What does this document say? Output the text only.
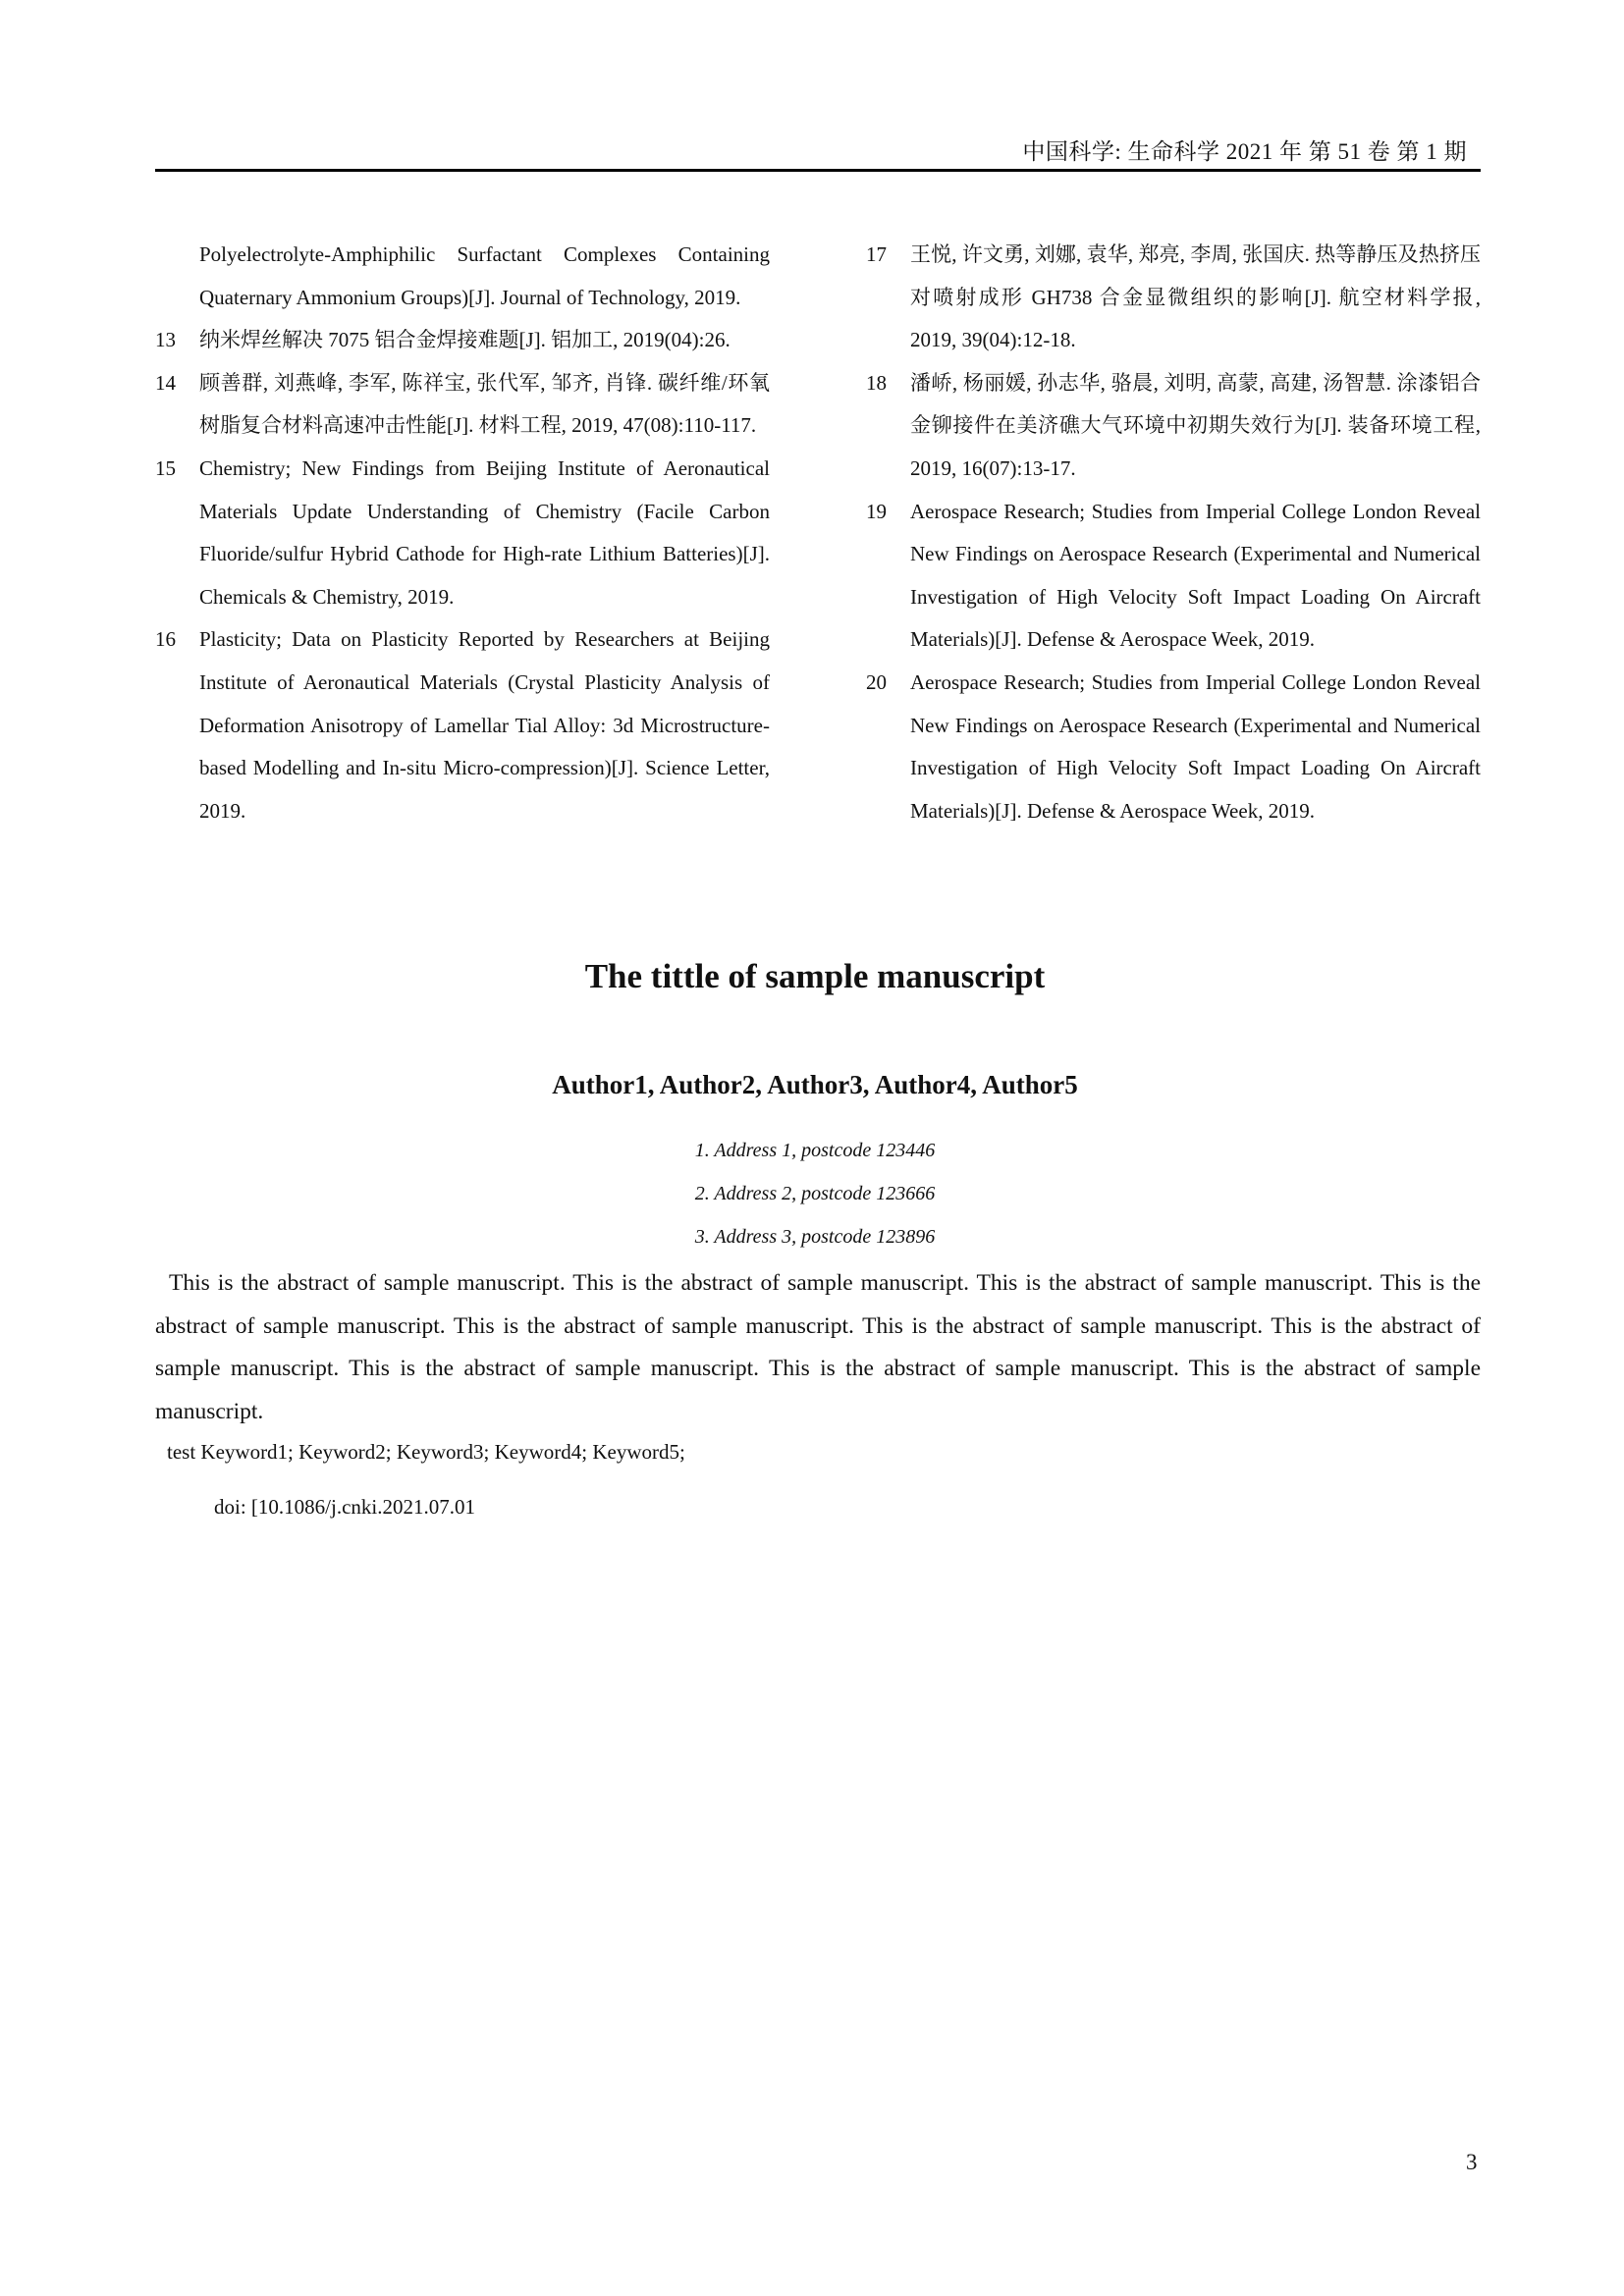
中国科学: 生命科学 2021 年 第 51 卷 第 1 期
Polyelectrolyte-Amphiphilic Surfactant Complexes Containing Quaternary Ammonium Groups)[J]. Journal of Technology, 2019.
13	纳米焊丝解决 7075 铝合金焊接难题[J]. 铝加工, 2019(04):26.
14	顾善群, 刘燕峰, 李军, 陈祥宝, 张代军, 邹齐, 肖锋. 碳纤维/环氧树脂复合材料高速冲击性能[J]. 材料工程, 2019, 47(08):110-117.
15	Chemistry; New Findings from Beijing Institute of Aeronautical Materials Update Understanding of Chemistry (Facile Carbon Fluoride/sulfur Hybrid Cathode for High-rate Lithium Batteries)[J]. Chemicals & Chemistry, 2019.
16	Plasticity; Data on Plasticity Reported by Researchers at Beijing Institute of Aeronautical Materials (Crystal Plasticity Analysis of Deformation Anisotropy of Lamellar Tial Alloy: 3d Microstructure-based Modelling and In-situ Micro-compression)[J]. Science Letter, 2019.
17	王悦, 许文勇, 刘娜, 袁华, 郑亮, 李周, 张国庆. 热等静压及热挤压对喷射成形 GH738 合金显微组织的影响[J]. 航空材料学报, 2019, 39(04):12-18.
18	潘峤, 杨丽媛, 孙志华, 骆晨, 刘明, 高蒙, 高建, 汤智慧. 涂漆铝合金铆接件在美济礁大气环境中初期失效行为[J]. 装备环境工程, 2019, 16(07):13-17.
19	Aerospace Research; Studies from Imperial College London Reveal New Findings on Aerospace Research (Experimental and Numerical Investigation of High Velocity Soft Impact Loading On Aircraft Materials)[J]. Defense & Aerospace Week, 2019.
20	Aerospace Research; Studies from Imperial College London Reveal New Findings on Aerospace Research (Experimental and Numerical Investigation of High Velocity Soft Impact Loading On Aircraft Materials)[J]. Defense & Aerospace Week, 2019.
The tittle of sample manuscript
Author1, Author2, Author3, Author4, Author5
1. Address 1, postcode 123446
2. Address 2, postcode 123666
3. Address 3, postcode 123896
This is the abstract of sample manuscript. This is the abstract of sample manuscript. This is the abstract of sample manuscript. This is the abstract of sample manuscript. This is the abstract of sample manuscript. This is the abstract of sample manuscript. This is the abstract of sample manuscript. This is the abstract of sample manuscript. This is the abstract of sample manuscript. This is the abstract of sample manuscript.
test Keyword1; Keyword2; Keyword3; Keyword4; Keyword5;
doi: [10.1086/j.cnki.2021.07.01
3
